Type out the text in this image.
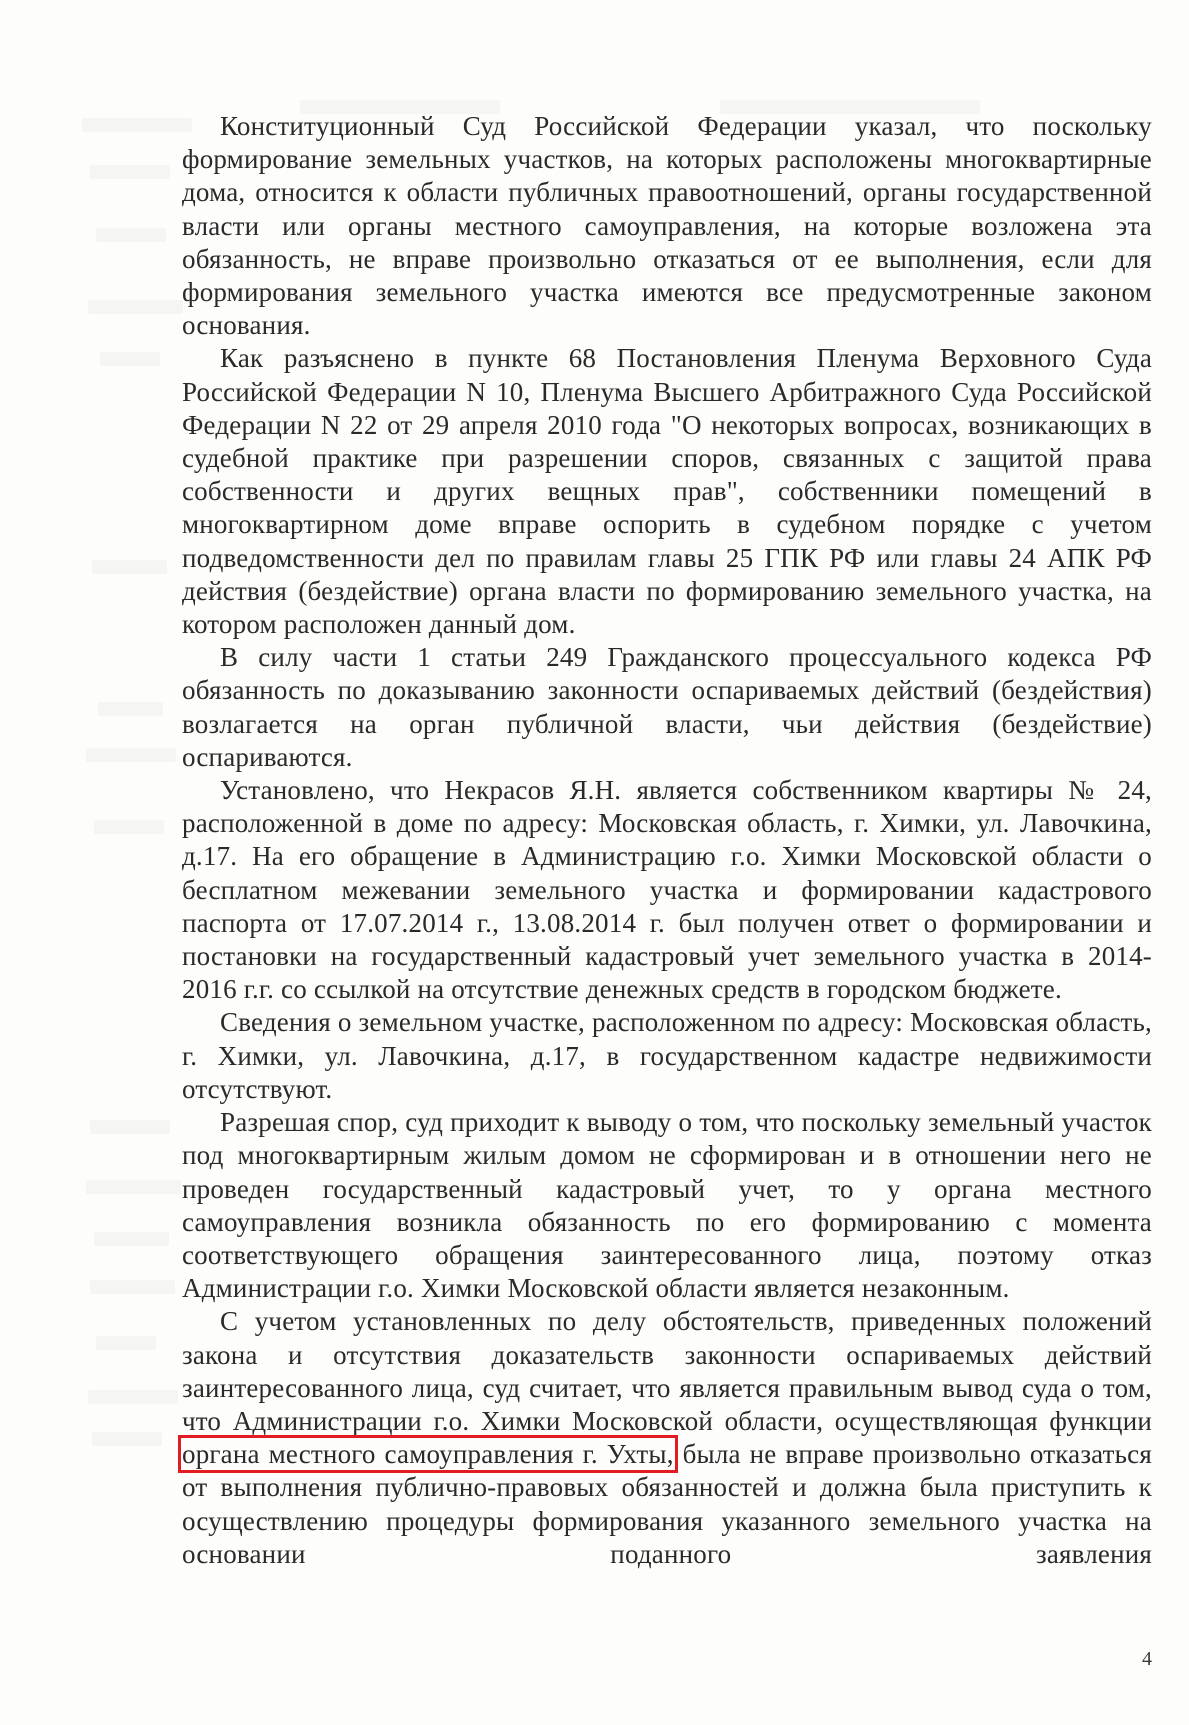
Конституционный Суд Российской Федерации указал, что поскольку формирование земельных участков, на которых расположены многоквартирные дома, относится к области публичных правоотношений, органы государственной власти или органы местного самоуправления, на которые возложена эта обязанность, не вправе произвольно отказаться от ее выполнения, если для формирования земельного участка имеются все предусмотренные законом основания.

Как разъяснено в пункте 68 Постановления Пленума Верховного Суда Российской Федерации N 10, Пленума Высшего Арбитражного Суда Российской Федерации N 22 от 29 апреля 2010 года "О некоторых вопросах, возникающих в судебной практике при разрешении споров, связанных с защитой права собственности и других вещных прав", собственники помещений в многоквартирном доме вправе оспорить в судебном порядке с учетом подведомственности дел по правилам главы 25 ГПК РФ или главы 24 АПК РФ действия (бездействие) органа власти по формированию земельного участка, на котором расположен данный дом.

В силу части 1 статьи 249 Гражданского процессуального кодекса РФ обязанность по доказыванию законности оспариваемых действий (бездействия) возлагается на орган публичной власти, чьи действия (бездействие) оспариваются.

Установлено, что Некрасов Я.Н. является собственником квартиры № 24, расположенной в доме по адресу: Московская область, г. Химки, ул. Лавочкина, д.17. На его обращение в Администрацию г.о. Химки Московской области о бесплатном межевании земельного участка и формировании кадастрового паспорта от 17.07.2014 г., 13.08.2014 г. был получен ответ о формировании и постановки на государственный кадастровый учет земельного участка в 2014-2016 г.г. со ссылкой на отсутствие денежных средств в городском бюджете.

Сведения о земельном участке, расположенном по адресу: Московская область, г. Химки, ул. Лавочкина, д.17, в государственном кадастре недвижимости отсутствуют.

Разрешая спор, суд приходит к выводу о том, что поскольку земельный участок под многоквартирным жилым домом не сформирован и в отношении него не проведен государственный кадастровый учет, то у органа местного самоуправления возникла обязанность по его формированию с момента соответствующего обращения заинтересованного лица, поэтому отказ Администрации г.о. Химки Московской области является незаконным.

С учетом установленных по делу обстоятельств, приведенных положений закона и отсутствия доказательств законности оспариваемых действий заинтересованного лица, суд считает, что является правильным вывод суда о том, что Администрации г.о. Химки Московской области, осуществляющая функции органа местного самоуправления г. Ухты, была не вправе произвольно отказаться от выполнения публично-правовых обязанностей и должна была приступить к осуществлению процедуры формирования указанного земельного участка на основании поданного заявления

4
